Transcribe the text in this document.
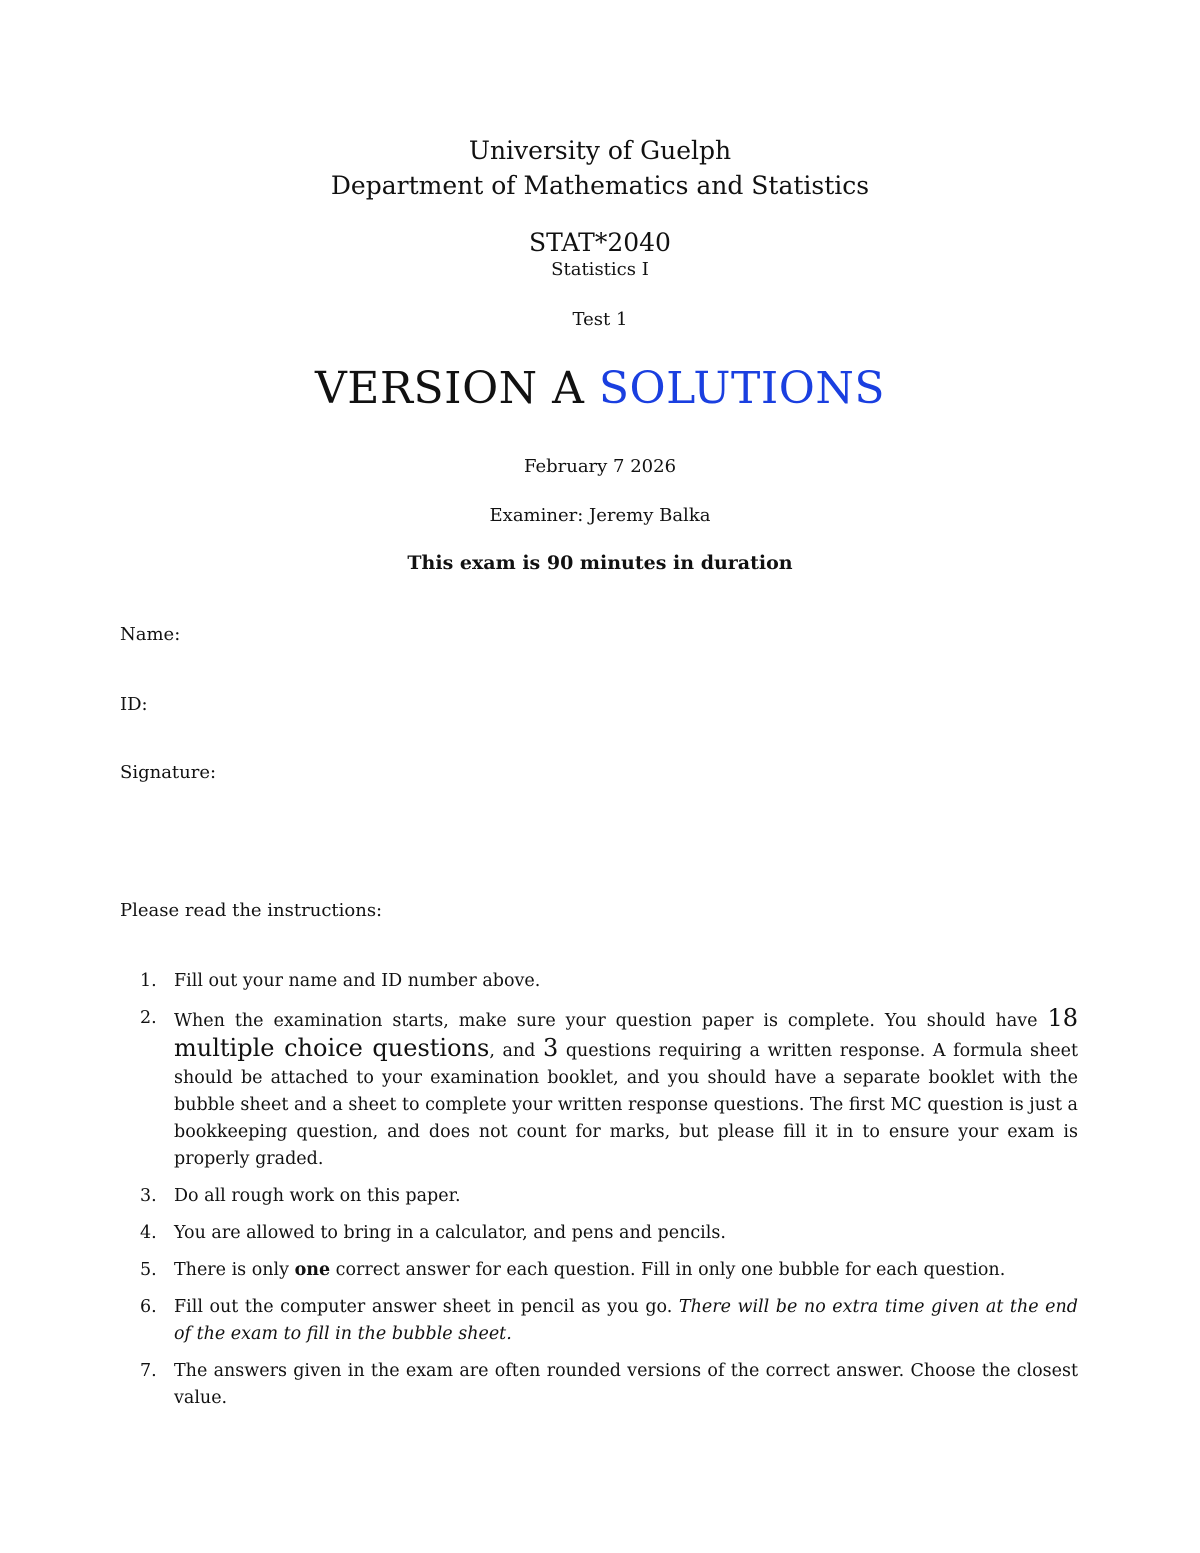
University of Guelph
Department of Mathematics and Statistics
STAT*2040
Statistics I
Test 1
VERSION A SOLUTIONS
February 7 2026
Examiner: Jeremy Balka
This exam is 90 minutes in duration
Name:
ID:
Signature:
Please read the instructions:
1. Fill out your name and ID number above.
2. When the examination starts, make sure your question paper is complete. You should have 18 multiple choice questions, and 3 questions requiring a written response. A formula sheet should be attached to your examination booklet, and you should have a separate booklet with the bubble sheet and a sheet to complete your written response questions. The first MC question is just a bookkeeping question, and does not count for marks, but please fill it in to ensure your exam is properly graded.
3. Do all rough work on this paper.
4. You are allowed to bring in a calculator, and pens and pencils.
5. There is only one correct answer for each question. Fill in only one bubble for each question.
6. Fill out the computer answer sheet in pencil as you go. There will be no extra time given at the end of the exam to fill in the bubble sheet.
7. The answers given in the exam are often rounded versions of the correct answer. Choose the closest value.
